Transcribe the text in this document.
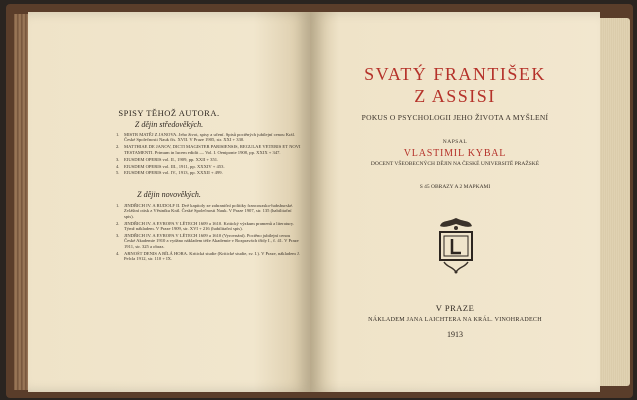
SPISY TĚHOŽ AUTORA.
Z dějin středověkých.
1. MISTR MATĚJ Z JANOVA. Jeho život, spisy a učení. Spisů poctěných jubilejní cenou Král. České Společnosti Nauk čís. XVII. V Praze 1905, str. XXI + 330.
2. MATTHIAE DE JANOV, DICTI MAGISTER PARISIENSIS, REGULAE VETERIS ET NOVI TESTAMENTI. Primum in lucem edidit — Vol. I. Oeniponte 1908, pp. XXIX + 347.
3. EIUSDEM OPERIS vol. II., 1909, pp. XXII + 351.
4. EIUSDEM OPERIS vol. III., 1911, pp. XXXIV + 453.
5. EIUSDEM OPERIS vol. IV., 1913, pp. XXXII + 499.
Z dějin novověkých.
1. JINDŘICH IV. A RUDOLF II. Dvě kapitoly ze zahraniční politiky francouzsko-habsburské. Zvláštní otisk z Věstníku Král. České Společnosti Nauk. V Praze 1907, str. 135 (habilitační spis).
2. JINDŘICH IV. A EVROPA V LÉTECH 1609 a 1610. Kritický výzkum pramenů a literatury. Týmž nákladem. V Praze 1909, str. XVI + 216 (habilitační spis).
3. JINDŘICH IV. A EVROPA V LÉTECH 1609 a 1610 (Vyrovnání). Poctěno jubilejní cenou České Akademie 1910 a vydáno nákladem téže Akademie v Rozpravách třídy I., č. 41. V Praze 1911, str. 325 a obraz.
4. ARNOŠT DENIS A BÍLÁ HORA. Kritická studie (Kritické studie, sv. I.). V Praze, nákladem J. Pelcla 1912, str. 110 + IX.
SVATÝ FRANTIŠEK
Z ASSISI
POKUS O PSYCHOLOGII JEHO ŽIVOTA A MYŠLENÍ
NAPSAL
VLASTIMIL KYBAL
DOCENT VŠEOBECNÝCH DĚJIN NA ČESKÉ UNIVERSITĚ PRAŽSKÉ
S 45 OBRAZY A 2 MAPKAMI
V PRAZE
NÁKLADEM JANA LAICHTERA NA KRÁL. VINOHRADECH
1913
